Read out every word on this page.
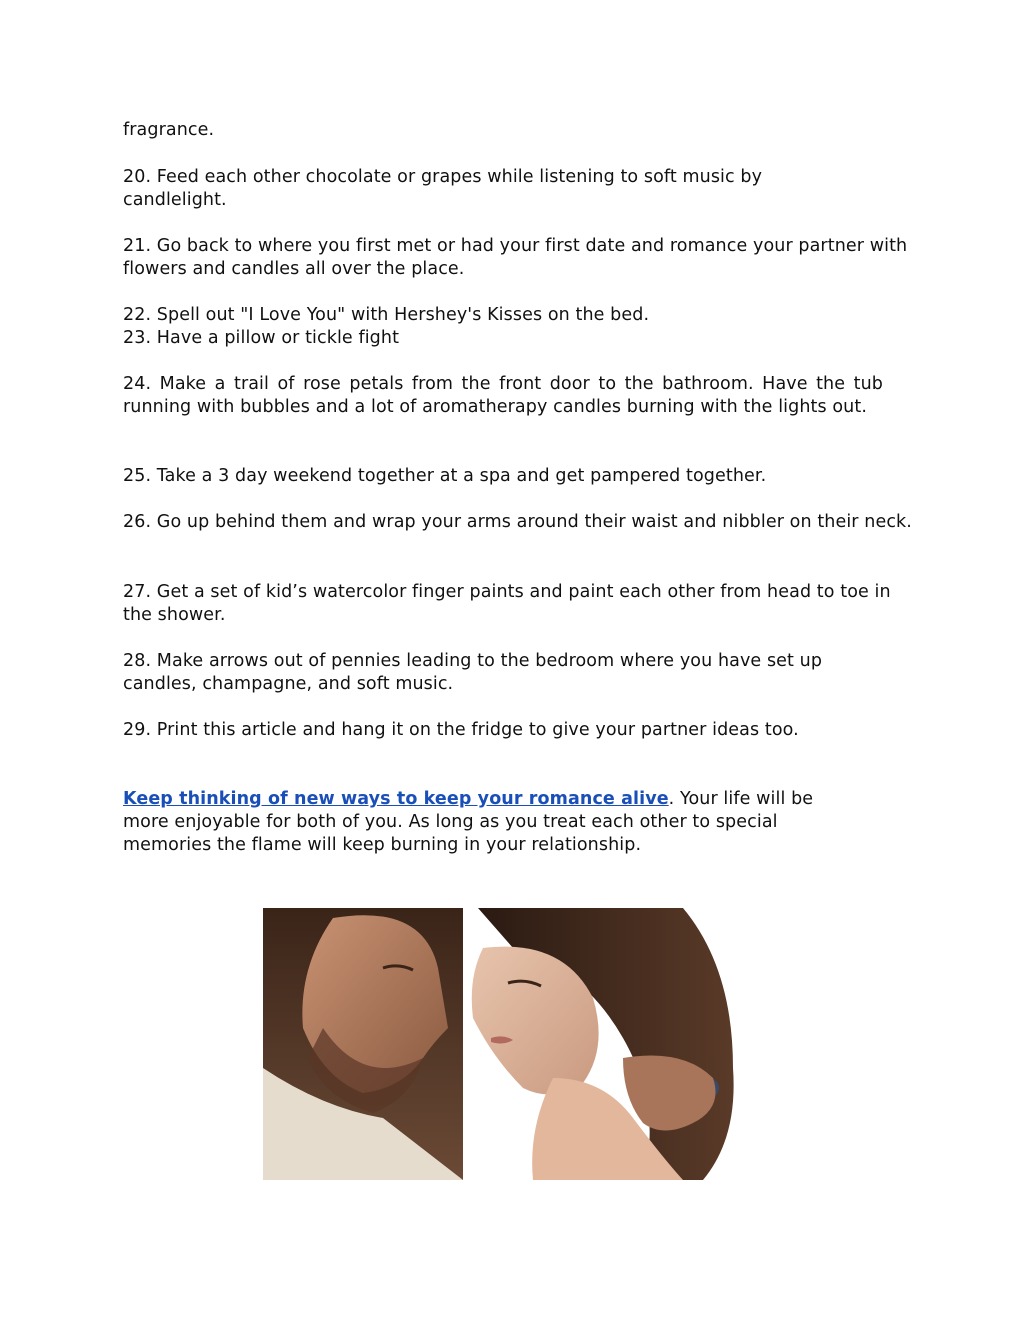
fragrance.

20. Feed each other chocolate or grapes while listening to soft music by candlelight.

21. Go back to where you first met or had your first date and romance your partner with flowers and candles all over the place.

22. Spell out "I Love You" with Hershey's Kisses on the bed.

23. Have a pillow or tickle fight

24. Make a trail of rose petals from the front door to the bathroom. Have the tub running with bubbles and a lot of aromatherapy candles burning with the lights out.

25. Take a 3 day weekend together at a spa and get pampered together.

26. Go up behind them and wrap your arms around their waist and nibbler on their neck.

27. Get a set of kid’s watercolor finger paints and paint each other from head to toe in the shower.

28. Make arrows out of pennies leading to the bedroom where you have set up candles, champagne, and soft music.

29. Print this article and hang it on the fridge to give your partner ideas too.

Keep thinking of new ways to keep your romance alive. Your life will be more enjoyable for both of you. As long as you treat each other to special memories the flame will keep burning in your relationship.
